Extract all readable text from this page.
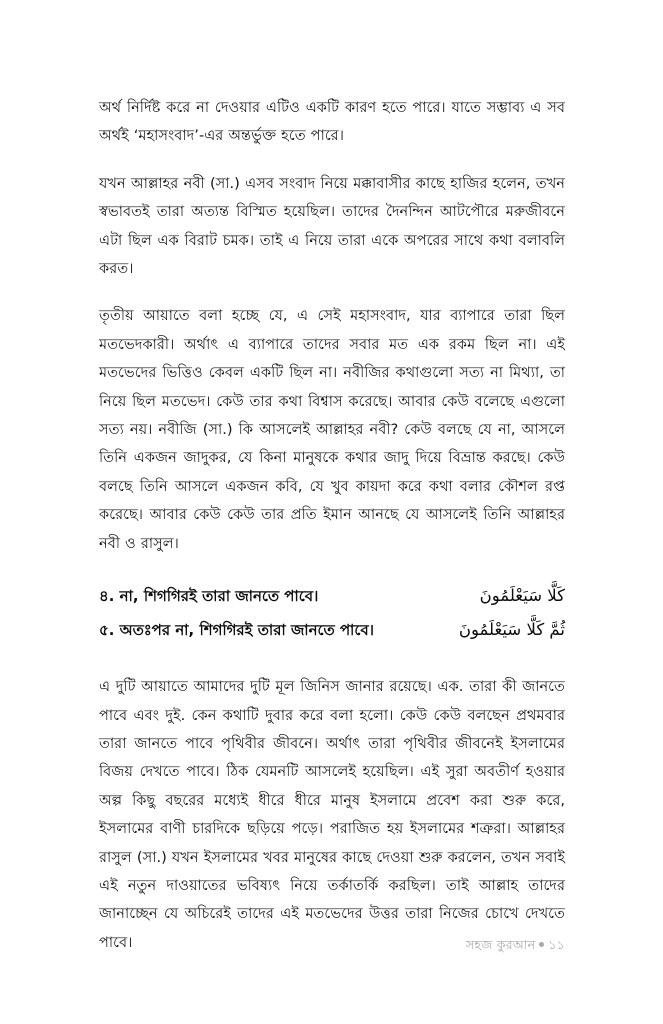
অর্থ নির্দিষ্ট করে না দেওয়ার এটিও একটি কারণ হতে পারে। যাতে সম্ভাব্য এ সব অর্থই ‘মহাসংবাদ’-এর অন্তর্ভুক্ত হতে পারে।

যখন আল্লাহর নবী (সা.) এসব সংবাদ নিয়ে মক্কাবাসীর কাছে হাজির হলেন, তখন স্বভাবতই তারা অত্যন্ত বিস্মিত হয়েছিল। তাদের দৈনন্দিন আটপৌরে মরুজীবনে এটা ছিল এক বিরাট চমক। তাই এ নিয়ে তারা একে অপরের সাথে কথা বলাবলি করত।

তৃতীয় আয়াতে বলা হচ্ছে যে, এ সেই মহাসংবাদ, যার ব্যাপারে তারা ছিল মতভেদকারী। অর্থাৎ এ ব্যাপারে তাদের সবার মত এক রকম ছিল না। এই মতভেদের ভিত্তিও কেবল একটি ছিল না। নবীজির কথাগুলো সত্য না মিথ্যা, তা নিয়ে ছিল মতভেদ। কেউ তার কথা বিশ্বাস করেছে। আবার কেউ বলেছে এগুলো সত্য নয়। নবীজি (সা.) কি আসলেই আল্লাহর নবী? কেউ বলছে যে না, আসলে তিনি একজন জাদুকর, যে কিনা মানুষকে কথার জাদু দিয়ে বিভ্রান্ত করছে। কেউ বলছে তিনি আসলে একজন কবি, যে খুব কায়দা করে কথা বলার কৌশল রপ্ত করেছে। আবার কেউ কেউ তার প্রতি ইমান আনছে যে আসলেই তিনি আল্লাহর নবী ও রাসুল।

৪. না, শিগগিরই তারা জানতে পাবে।	كَلَّا سَيَعْلَمُونَ
৫. অতঃপর না, শিগগিরই তারা জানতে পাবে।	ثُمَّ كَلَّا سَيَعْلَمُونَ

এ দুটি আয়াতে আমাদের দুটি মূল জিনিস জানার রয়েছে। এক. তারা কী জানতে পাবে এবং দুই. কেন কথাটি দুবার করে বলা হলো। কেউ কেউ বলছেন প্রথমবার তারা জানতে পাবে পৃথিবীর জীবনে। অর্থাৎ তারা পৃথিবীর জীবনেই ইসলামের বিজয় দেখতে পাবে। ঠিক যেমনটি আসলেই হয়েছিল। এই সুরা অবতীর্ণ হওয়ার অল্প কিছু বছরের মধ্যেই ধীরে ধীরে মানুষ ইসলামে প্রবেশ করা শুরু করে, ইসলামের বাণী চারদিকে ছড়িয়ে পড়ে। পরাজিত হয় ইসলামের শত্রুরা। আল্লাহর রাসুল (সা.) যখন ইসলামের খবর মানুষের কাছে দেওয়া শুরু করলেন, তখন সবাই এই নতুন দাওয়াতের ভবিষ্যৎ নিয়ে তর্কাতর্কি করছিল। তাই আল্লাহ তাদের জানাচ্ছেন যে অচিরেই তাদের এই মতভেদের উত্তর তারা নিজের চোখে দেখতে পাবে।	সহজ কুরআন ১১
